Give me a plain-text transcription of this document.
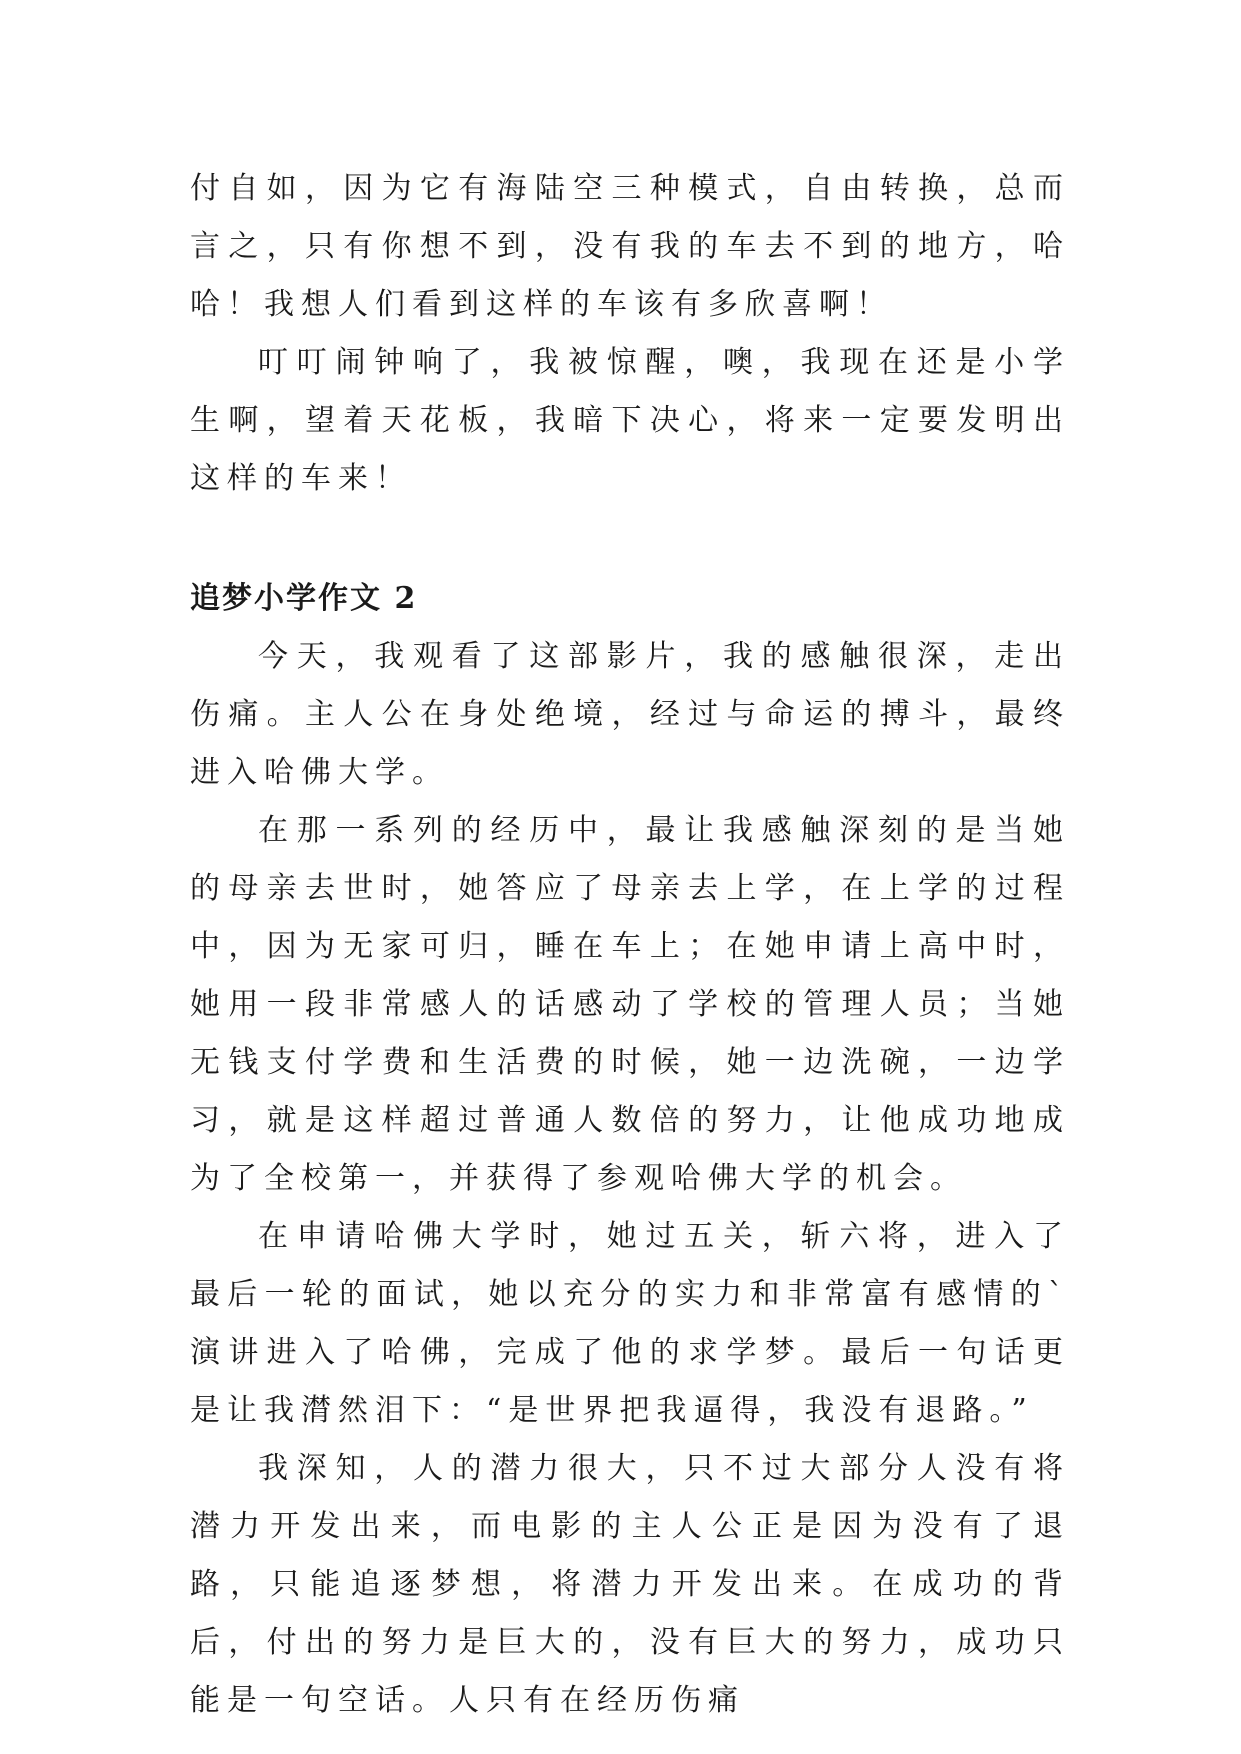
付自如，因为它有海陆空三种模式，自由转换，总而言之，只有你想不到，没有我的车去不到的地方，哈哈！我想人们看到这样的车该有多欣喜啊！

叮叮闹钟响了，我被惊醒，噢，我现在还是小学生啊，望着天花板，我暗下决心，将来一定要发明出这样的车来！

追梦小学作文 2

今天，我观看了这部影片，我的感触很深，走出伤痛。主人公在身处绝境，经过与命运的搏斗，最终进入哈佛大学。

在那一系列的经历中，最让我感触深刻的是当她的母亲去世时，她答应了母亲去上学，在上学的过程中，因为无家可归，睡在车上；在她申请上高中时，她用一段非常感人的话感动了学校的管理人员；当她无钱支付学费和生活费的时候，她一边洗碗，一边学习，就是这样超过普通人数倍的努力，让他成功地成为了全校第一，并获得了参观哈佛大学的机会。

在申请哈佛大学时，她过五关，斩六将，进入了最后一轮的面试，她以充分的实力和非常富有感情的`演讲进入了哈佛，完成了他的求学梦。最后一句话更是让我潸然泪下：“是世界把我逼得，我没有退路。”

我深知，人的潜力很大，只不过大部分人没有将潜力开发出来，而电影的主人公正是因为没有了退路，只能追逐梦想，将潜力开发出来。在成功的背后，付出的努力是巨大的，没有巨大的努力，成功只能是一句空话。人只有在经历伤痛
